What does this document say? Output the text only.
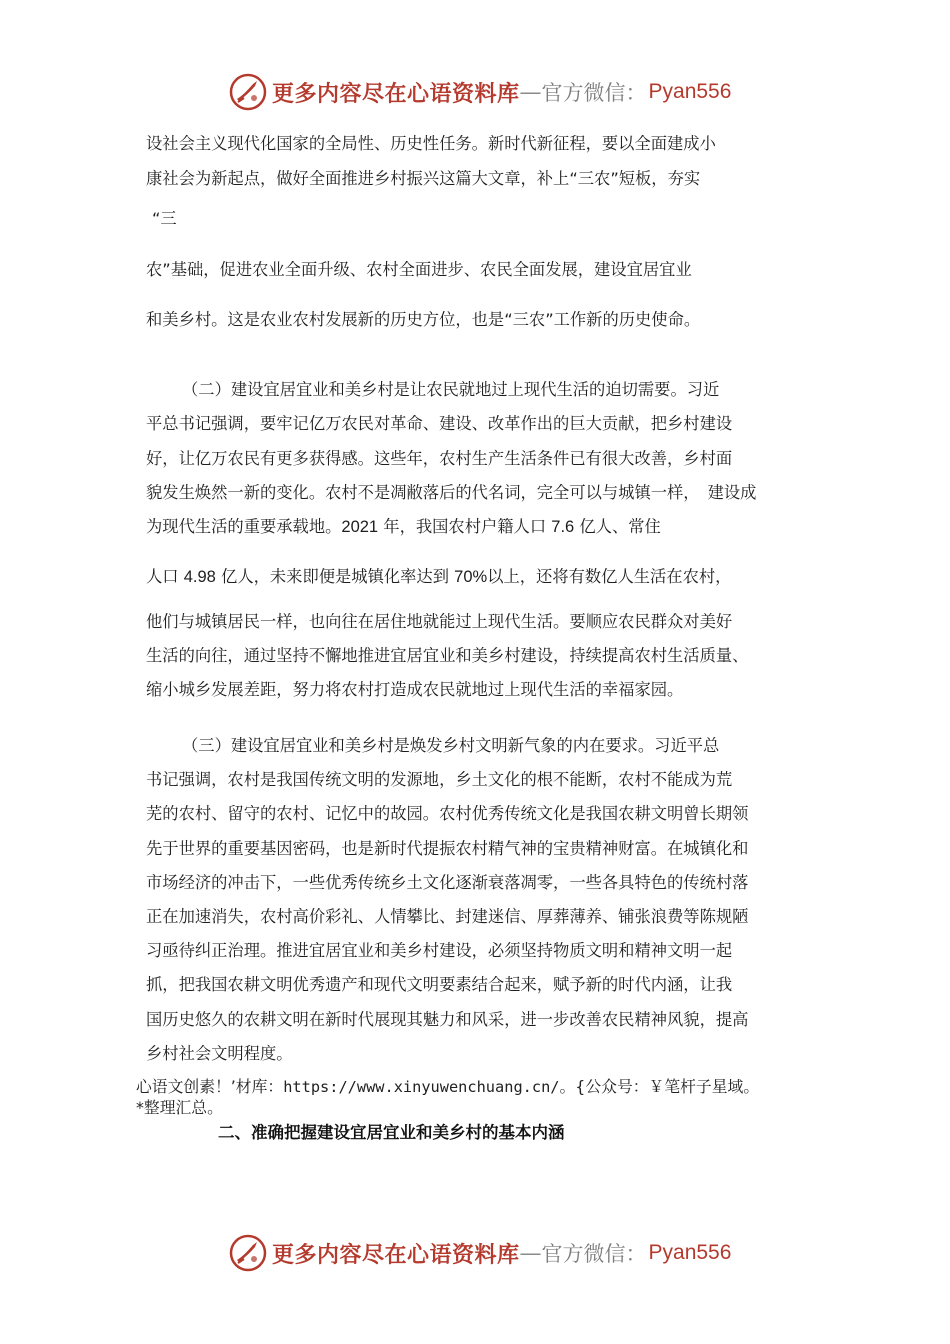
更多内容尽在心语资料库 — 官方微信： Pyan556
设社会主义现代化国家的全局性、历史性任务。新时代新征程，要以全面建成小
康社会为新起点，做好全面推进乡村振兴这篇大文章，补上“三农”短板，夯实
“三
农”基础，促进农业全面升级、农村全面进步、农民全面发展，建设宜居宜业
和美乡村。这是农业农村发展新的历史方位，也是“三农”工作新的历史使命。
（二）建设宜居宜业和美乡村是让农民就地过上现代生活的迫切需要。习近
平总书记强调，要牢记亿万农民对革命、建设、改革作出的巨大贡献，把乡村建设
好，让亿万农民有更多获得感。这些年，农村生产生活条件已有很大改善，乡村面
貌发生焕然一新的变化。农村不是凋敝落后的代名词，完全可以与城镇一样， 建设成
为现代生活的重要承载地。2021 年，我国农村户籍人口 7.6 亿人、常住
人口 4.98 亿人，未来即便是城镇化率达到 70%以上，还将有数亿人生活在农村，
他们与城镇居民一样，也向往在居住地就能过上现代生活。要顺应农民群众对美好
生活的向往，通过坚持不懈地推进宜居宜业和美乡村建设，持续提高农村生活质量、
缩小城乡发展差距，努力将农村打造成农民就地过上现代生活的幸福家园。
（三）建设宜居宜业和美乡村是焕发乡村文明新气象的内在要求。习近平总
书记强调，农村是我国传统文明的发源地，乡土文化的根不能断，农村不能成为荒
芜的农村、留守的农村、记忆中的故园。农村优秀传统文化是我国农耕文明曾长期领
先于世界的重要基因密码，也是新时代提振农村精气神的宝贵精神财富。在城镇化和
市场经济的冲击下，一些优秀传统乡土文化逐渐衰落凋零，一些各具特色的传统村落
正在加速消失，农村高价彩礼、人情攀比、封建迷信、厚葬薄养、铺张浪费等陈规陋
习亟待纠正治理。推进宜居宜业和美乡村建设，必须坚持物质文明和精神文明一起
抓，把我国农耕文明优秀遗产和现代文明要素结合起来，赋予新的时代内涵，让我
国历史悠久的农耕文明在新时代展现其魅力和风采，进一步改善农民精神风貌，提高
乡村社会文明程度。
心语文创素！’材库：https://www.xinyuwenchuang.cn/。{公众号：￥笔杆子星域。
*整理汇总。
二、准确把握建设宜居宜业和美乡村的基本内涵
更多内容尽在心语资料库 — 官方微信： Pyan556
